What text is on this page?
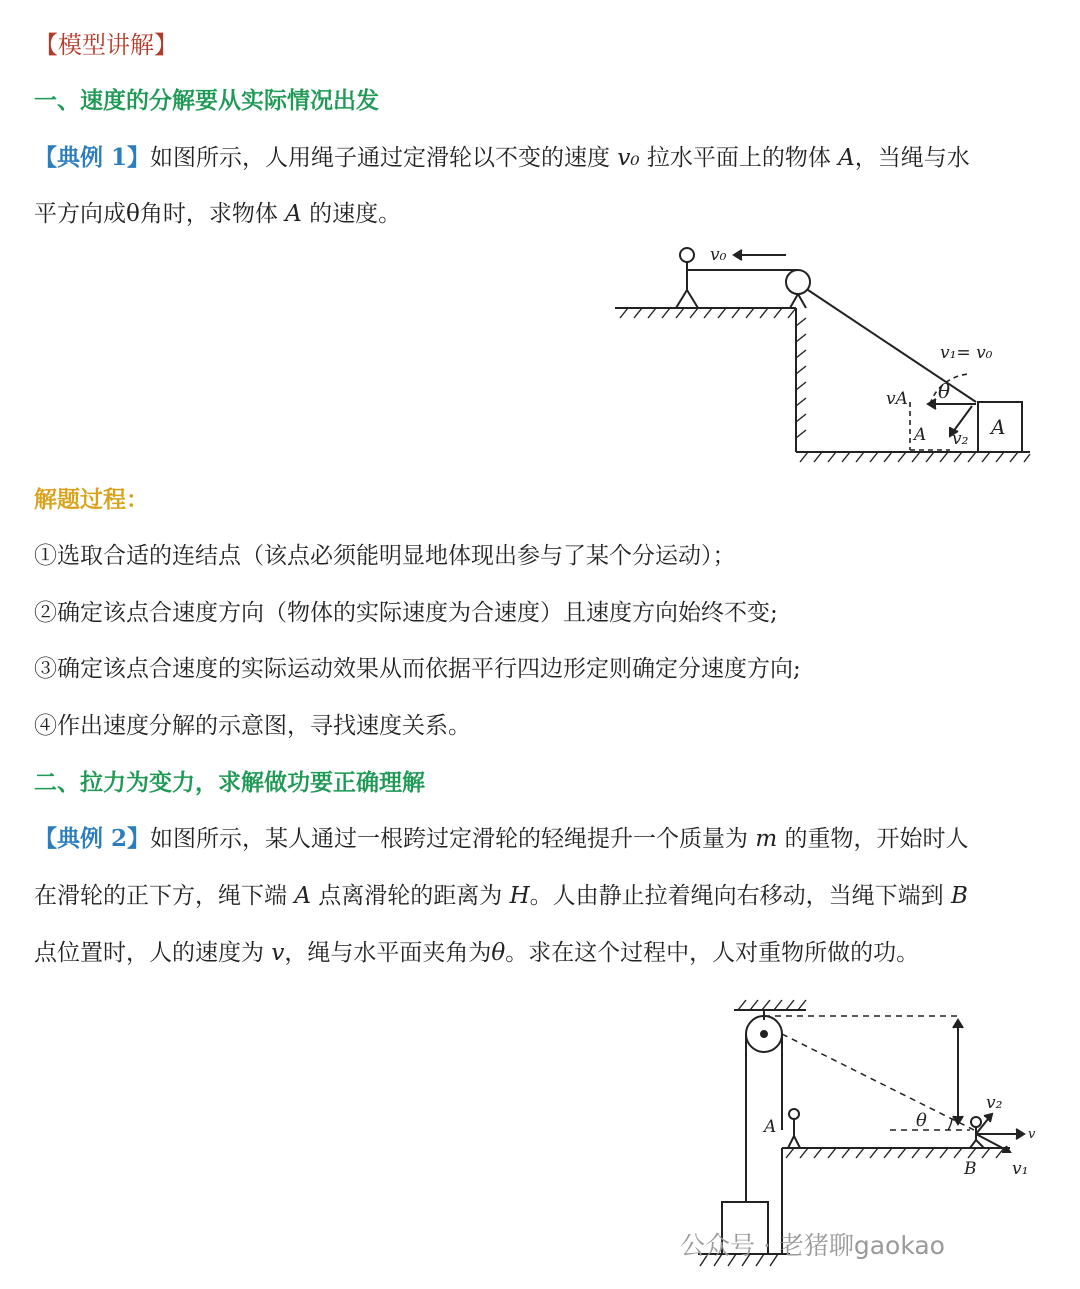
【模型讲解】
一、速度的分解要从实际情况出发
【典例 1】如图所示，人用绳子通过定滑轮以不变的速度 v₀ 拉水平面上的物体 A，当绳与水
平方向成θ角时，求物体 A 的速度。
v₀
v₁= v₀
θ
vA
A v₂ A
解题过程：
①选取合适的连结点（该点必须能明显地体现出参与了某个分运动）；
②确定该点合速度方向（物体的实际速度为合速度）且速度方向始终不变;
③确定该点合速度的实际运动效果从而依据平行四边形定则确定分速度方向;
④作出速度分解的示意图，寻找速度关系。
二、拉力为变力，求解做功要正确理解
【典例 2】如图所示，某人通过一根跨过定滑轮的轻绳提升一个质量为 m 的重物，开始时人
在滑轮的正下方，绳下端 A 点离滑轮的距离为 H。人由静止拉着绳向右移动，当绳下端到 B
点位置时，人的速度为 v，绳与水平面夹角为θ。求在这个过程中，人对重物所做的功。
A	θ
v₂
v
B v₁
公众号 · 老猪聊gaokao
